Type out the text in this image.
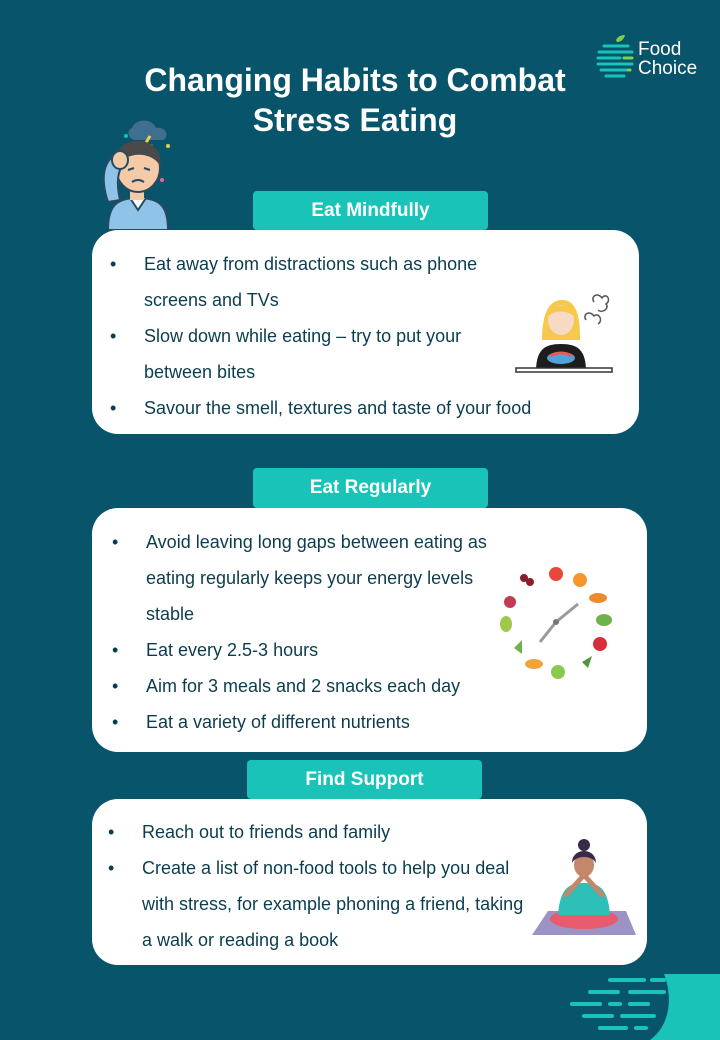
Changing Habits to Combat Stress Eating
Food
Choice
Eat Mindfully
• Eat away from distractions such as phone screens and TVs
• Slow down while eating – try to put your between bites
• Savour the smell, textures and taste of your food
Eat Regularly
• Avoid leaving long gaps between eating as eating regularly keeps your energy levels stable
• Eat every 2.5-3 hours
• Aim for 3 meals and 2 snacks each day
• Eat a variety of different nutrients
Find Support
• Reach out to friends and family
• Create a list of non-food tools to help you deal with stress, for example phoning a friend, taking a walk or reading a book
